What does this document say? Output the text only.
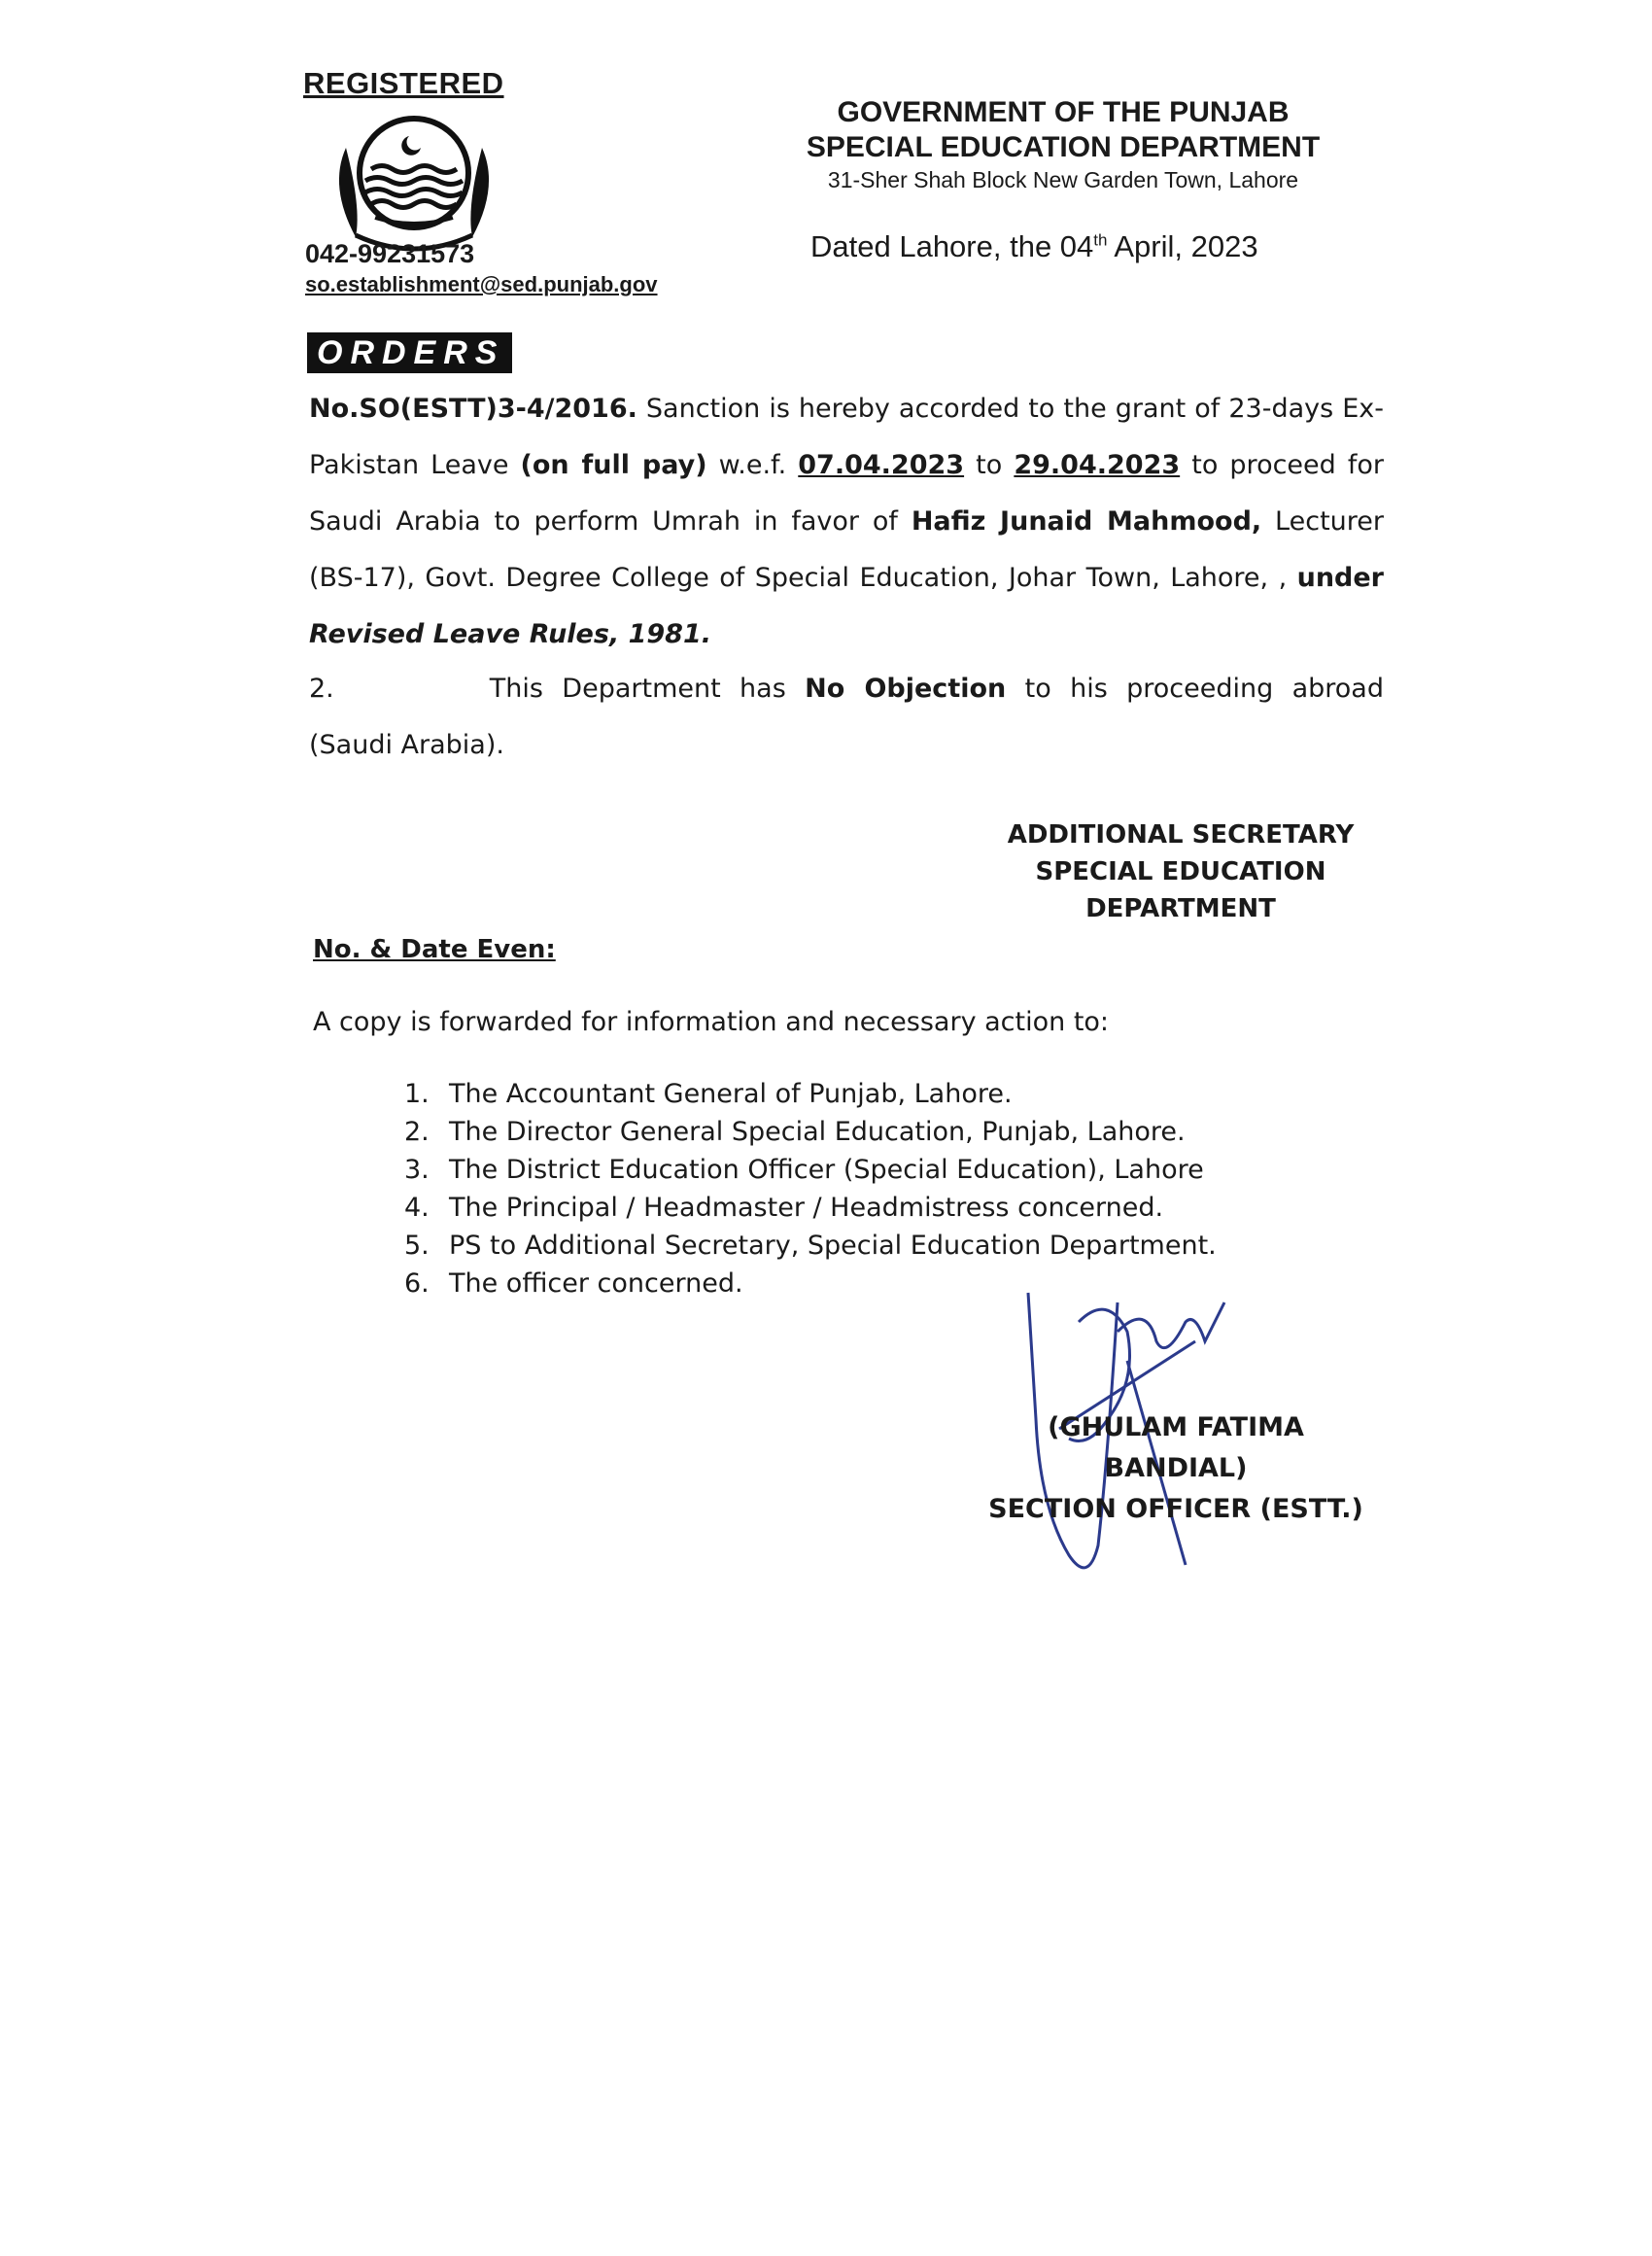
REGISTERED
042-99231573
so.establishment@sed.punjab.gov
GOVERNMENT OF THE PUNJAB
SPECIAL EDUCATION DEPARTMENT
31-Sher Shah Block New Garden Town, Lahore
Dated Lahore, the 04th April, 2023
ORDERS
No.SO(ESTT)3-4/2016. Sanction is hereby accorded to the grant of 23-days Ex-Pakistan Leave (on full pay) w.e.f. 07.04.2023 to 29.04.2023 to proceed for Saudi Arabia to perform Umrah in favor of Hafiz Junaid Mahmood, Lecturer (BS-17), Govt. Degree College of Special Education, Johar Town, Lahore, , under Revised Leave Rules, 1981.
2.	This Department has No Objection to his proceeding abroad (Saudi Arabia).
ADDITIONAL SECRETARY
SPECIAL EDUCATION
DEPARTMENT
No. & Date Even:
A copy is forwarded for information and necessary action to:
1. The Accountant General of Punjab, Lahore.
2. The Director General Special Education, Punjab, Lahore.
3. The District Education Officer (Special Education), Lahore
4. The Principal / Headmaster / Headmistress concerned.
5. PS to Additional Secretary, Special Education Department.
6. The officer concerned.
(GHULAM FATIMA BANDIAL)
SECTION OFFICER (ESTT.)
